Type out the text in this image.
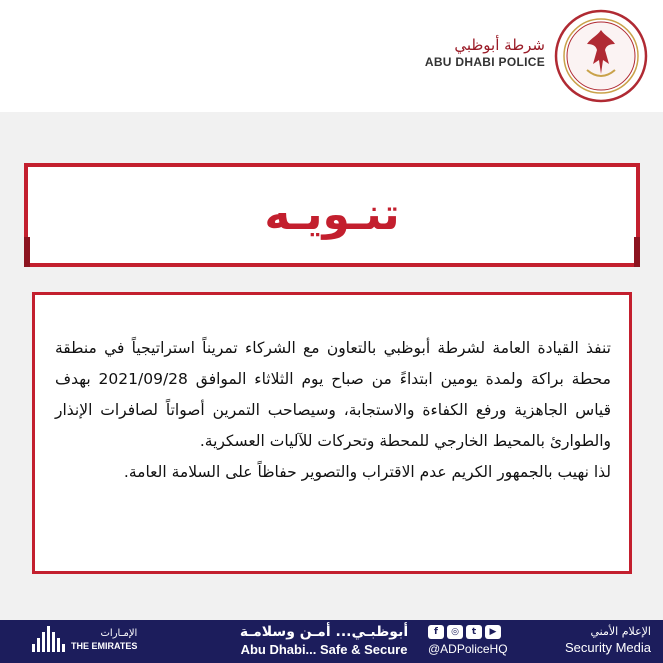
شرطة أبوظبي
ABU DHABI POLICE
تنـويـه

تنفذ القيادة العامة لشرطة أبوظبي بالتعاون مع الشركاء تمريناً استراتيجياً في منطقة محطة براكة ولمدة يومين ابتداءً من صباح يوم الثلاثاء الموافق 2021/09/28 بهدف قياس الجاهزية ورفع الكفاءة والاستجابة، وسيصاحب التمرين أصواتاً لصافرات الإنذار والطوارئ بالمحيط الخارجي للمحطة وتحركات للآليات العسكرية.

لذا نهيب بالجمهور الكريم عدم الاقتراب والتصوير حفاظاً على السلامة العامة.

الإمـارات
THE EMIRATES
أبوظبـي... أمـن وسلامـة
Abu Dhabi... Safe & Secure
f	◎	t	▶
@ADPoliceHQ
الإعلام الأمني
Security Media
